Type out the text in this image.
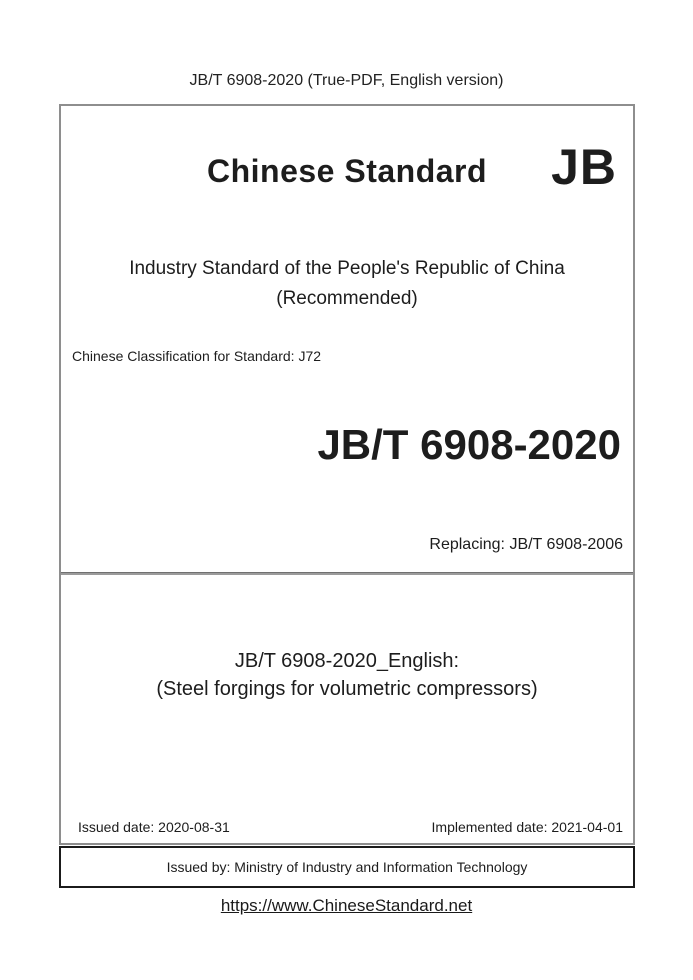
JB/T 6908-2020 (True-PDF, English version)
Chinese Standard	JB
Industry Standard of the People's Republic of China
(Recommended)
Chinese Classification for Standard: J72
JB/T 6908-2020
Replacing: JB/T 6908-2006
JB/T 6908-2020_English:
(Steel forgings for volumetric compressors)
Issued date: 2020-08-31	Implemented date: 2021-04-01
Issued by: Ministry of Industry and Information Technology
https://www.ChineseStandard.net
